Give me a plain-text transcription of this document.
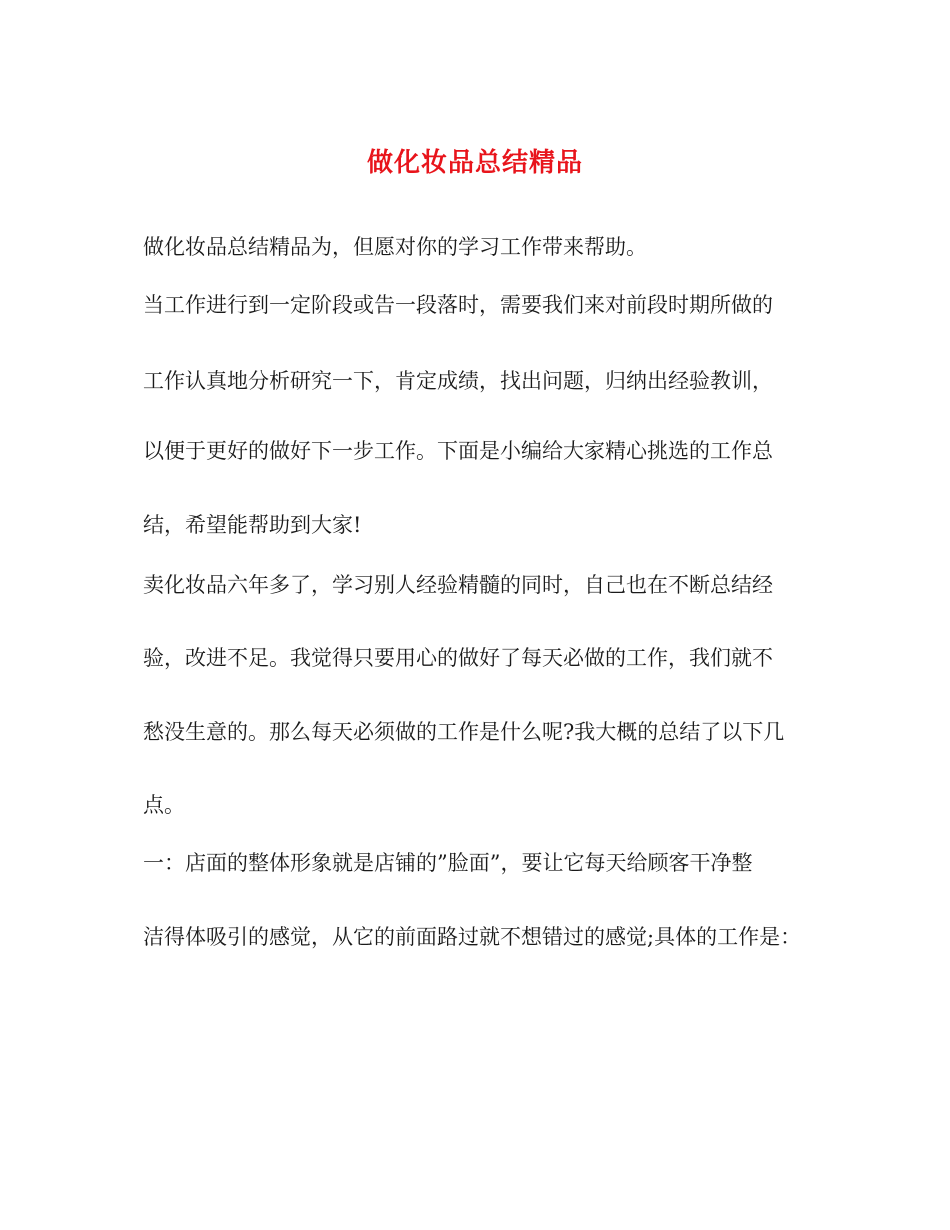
做化妆品总结精品

做化妆品总结精品为，但愿对你的学习工作带来帮助。

当工作进行到一定阶段或告一段落时，需要我们来对前段时期所做的

工作认真地分析研究一下，肯定成绩，找出问题，归纳出经验教训，

以便于更好的做好下一步工作。下面是小编给大家精心挑选的工作总

结，希望能帮助到大家!

卖化妆品六年多了，学习别人经验精髓的同时，自己也在不断总结经

验，改进不足。我觉得只要用心的做好了每天必做的工作，我们就不

愁没生意的。那么每天必须做的工作是什么呢?我大概的总结了以下几

点。

一：店面的整体形象就是店铺的”脸面”，要让它每天给顾客干净整

洁得体吸引的感觉，从它的前面路过就不想错过的感觉;具体的工作是：
